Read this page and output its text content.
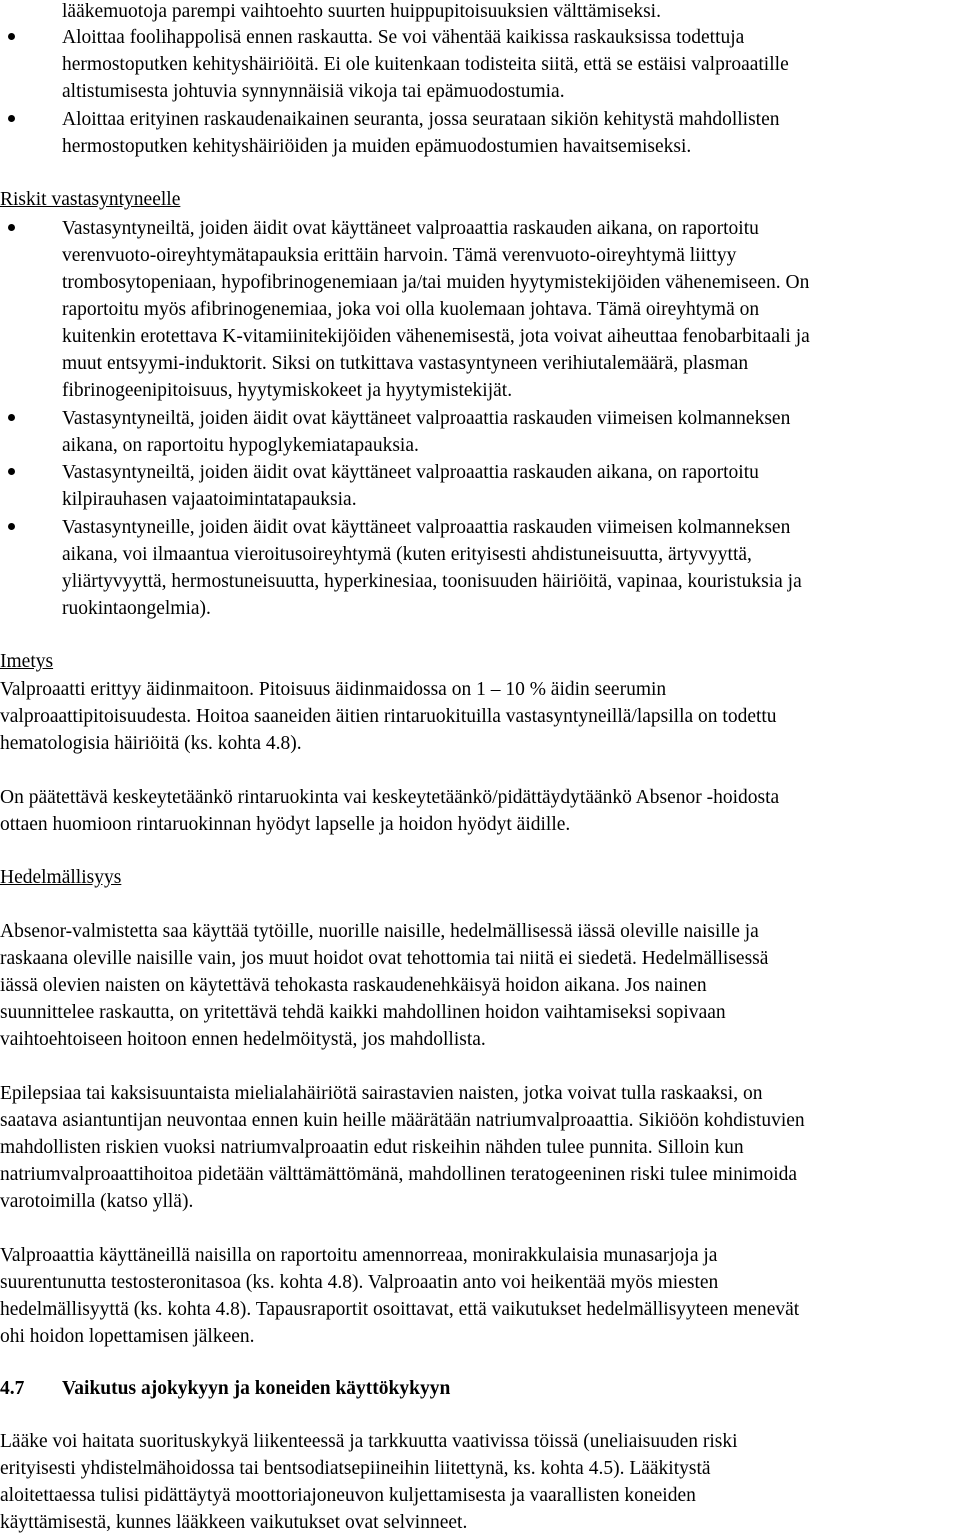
lääkemuotoja parempi vaihtoehto suurten huippupitoisuuksien välttämiseksi.
Aloittaa foolihappolisä ennen raskautta. Se voi vähentää kaikissa raskauksissa todettuja
hermostoputken kehityshäiriöitä. Ei ole kuitenkaan todisteita siitä, että se estäisi valproaatille
altistumisesta johtuvia synnynnäisiä vikoja tai epämuodostumia.
Aloittaa erityinen raskaudenaikainen seuranta, jossa seurataan sikiön kehitystä mahdollisten
hermostoputken kehityshäiriöiden ja muiden epämuodostumien havaitsemiseksi.
Riskit vastasyntyneelle
Vastasyntyneiltä, joiden äidit ovat käyttäneet valproaattia raskauden aikana, on raportoitu
verenvuoto-oireyhtymätapauksia erittäin harvoin. Tämä verenvuoto-oireyhtymä liittyy
trombosytopeniaan, hypofibrinogenemiaan ja/tai muiden hyytymistekijöiden vähenemiseen. On
raportoitu myös afibrinogenemiaa, joka voi olla kuolemaan johtava. Tämä oireyhtymä on
kuitenkin erotettava K-vitamiinitekijöiden vähenemisestä, jota voivat aiheuttaa fenobarbitaali ja
muut entsyymi-induktorit. Siksi on tutkittava vastasyntyneen verihiutalemäärä, plasman
fibrinogeenipitoisuus, hyytymiskokeet ja hyytymistekijät.
Vastasyntyneiltä, joiden äidit ovat käyttäneet valproaattia raskauden viimeisen kolmanneksen
aikana, on raportoitu hypoglykemiatapauksia.
Vastasyntyneiltä, joiden äidit ovat käyttäneet valproaattia raskauden aikana, on raportoitu
kilpirauhasen vajaatoimintatapauksia.
Vastasyntyneille, joiden äidit ovat käyttäneet valproaattia raskauden viimeisen kolmanneksen
aikana, voi ilmaantua vieroitusoireyhtymä (kuten erityisesti ahdistuneisuutta, ärtyvyyttä,
yliärtyvyyttä, hermostuneisuutta, hyperkinesiaa, toonisuuden häiriöitä, vapinaa, kouristuksia ja
ruokintaongelmia).
Imetys
Valproaatti erittyy äidinmaitoon. Pitoisuus äidinmaidossa on 1 – 10 % äidin seerumin
valproaattipitoisuudesta. Hoitoa saaneiden äitien rintaruokituilla vastasyntyneillä/lapsilla on todettu
hematologisia häiriöitä (ks. kohta 4.8).
On päätettävä keskeytetäänkö rintaruokinta vai keskeytetäänkö/pidättäydytäänkö Absenor -hoidosta
ottaen huomioon rintaruokinnan hyödyt lapselle ja hoidon hyödyt äidille.
Hedelmällisyys
Absenor-valmistetta saa käyttää tytöille, nuorille naisille, hedelmällisessä iässä oleville naisille ja
raskaana oleville naisille vain, jos muut hoidot ovat tehottomia tai niitä ei siedetä. Hedelmällisessä
iässä olevien naisten on käytettävä tehokasta raskaudenehkäisyä hoidon aikana. Jos nainen
suunnittelee raskautta, on yritettävä tehdä kaikki mahdollinen hoidon vaihtamiseksi sopivaan
vaihtoehtoiseen hoitoon ennen hedelmöitystä, jos mahdollista.
Epilepsiaa tai kaksisuuntaista mielialahäiriötä sairastavien naisten, jotka voivat tulla raskaaksi, on
saatava asiantuntijan neuvontaa ennen kuin heille määrätään natriumvalproaattia. Sikiöön kohdistuvien
mahdollisten riskien vuoksi natriumvalproaatin edut riskeihin nähden tulee punnita. Silloin kun
natriumvalproaattihoitoa pidetään välttämättömänä, mahdollinen teratogeeninen riski tulee minimoida
varotoimilla (katso yllä).
Valproaattia käyttäneillä naisilla on raportoitu amennorreaa, monirakkulaisia munasarjoja ja
suurentunutta testosteronitasoa (ks. kohta 4.8). Valproaatin anto voi heikentää myös miesten
hedelmällisyyttä (ks. kohta 4.8). Tapausraportit osoittavat, että vaikutukset hedelmällisyyteen menevät
ohi hoidon lopettamisen jälkeen.
4.7 Vaikutus ajokykyyn ja koneiden käyttökykyyn
Lääke voi haitata suorituskykyä liikenteessä ja tarkkuutta vaativissa töissä (uneliaisuuden riski
erityisesti yhdistelmähoidossa tai bentsodiatsepiineihin liitettynä, ks. kohta 4.5). Lääkitystä
aloitettaessa tulisi pidättäytyä moottoriajoneuvon kuljettamisesta ja vaarallisten koneiden
käyttämisestä, kunnes lääkkeen vaikutukset ovat selvinneet.
